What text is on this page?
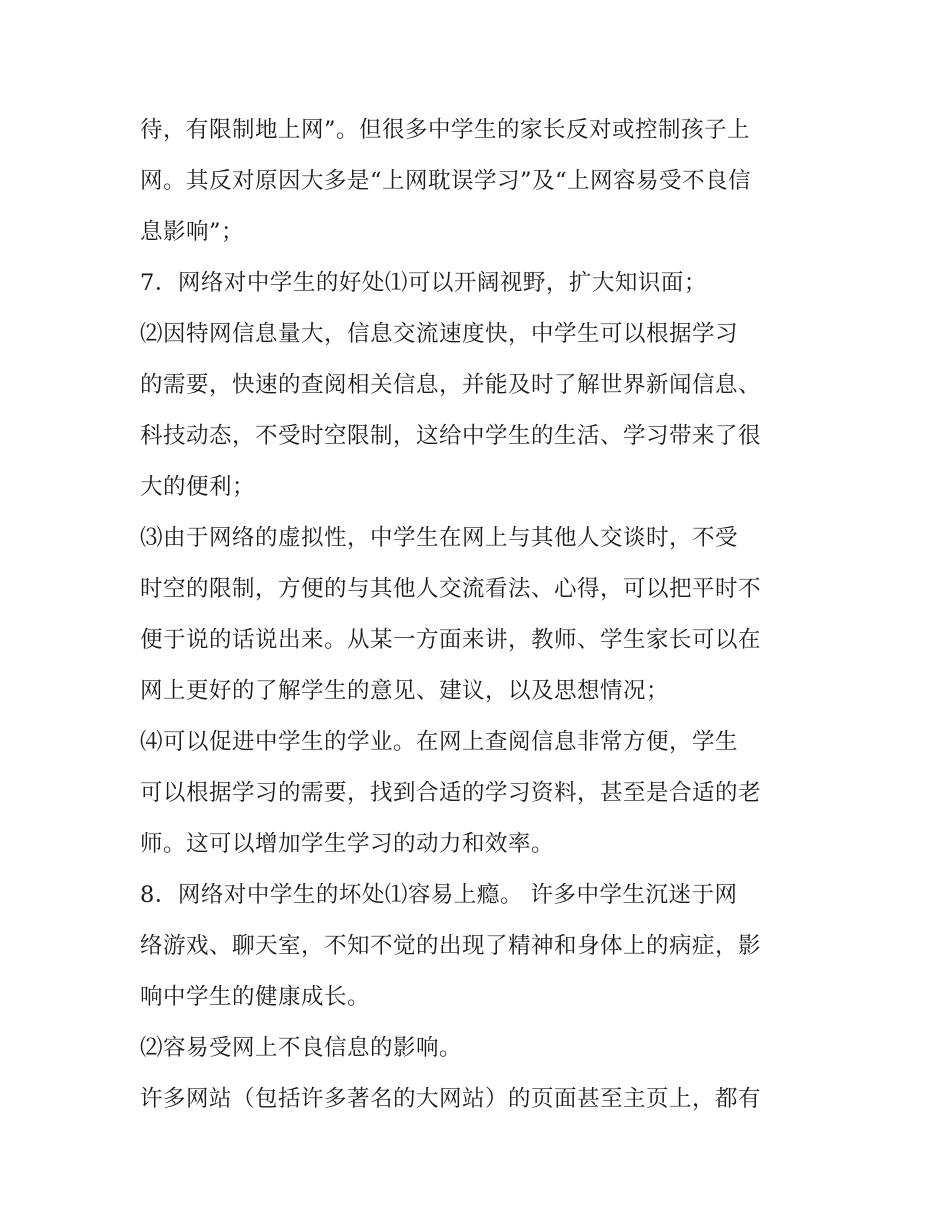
待，有限制地上网”。但很多中学生的家长反对或控制孩子上
网。其反对原因大多是“上网耽误学习”及“上网容易受不良信
息影响”；
7．网络对中学生的好处⑴可以开阔视野，扩大知识面；
⑵因特网信息量大，信息交流速度快，中学生可以根据学习
的需要，快速的查阅相关信息，并能及时了解世界新闻信息、
科技动态，不受时空限制，这给中学生的生活、学习带来了很
大的便利；
⑶由于网络的虚拟性，中学生在网上与其他人交谈时，不受
时空的限制，方便的与其他人交流看法、心得，可以把平时不
便于说的话说出来。从某一方面来讲，教师、学生家长可以在
网上更好的了解学生的意见、建议，以及思想情况；
⑷可以促进中学生的学业。在网上查阅信息非常方便，学生
可以根据学习的需要，找到合适的学习资料，甚至是合适的老
师。这可以增加学生学习的动力和效率。
8．网络对中学生的坏处⑴容易上瘾。 许多中学生沉迷于网
络游戏、聊天室，不知不觉的出现了精神和身体上的病症，影
响中学生的健康成长。
⑵容易受网上不良信息的影响。
许多网站（包括许多著名的大网站）的页面甚至主页上，都有
